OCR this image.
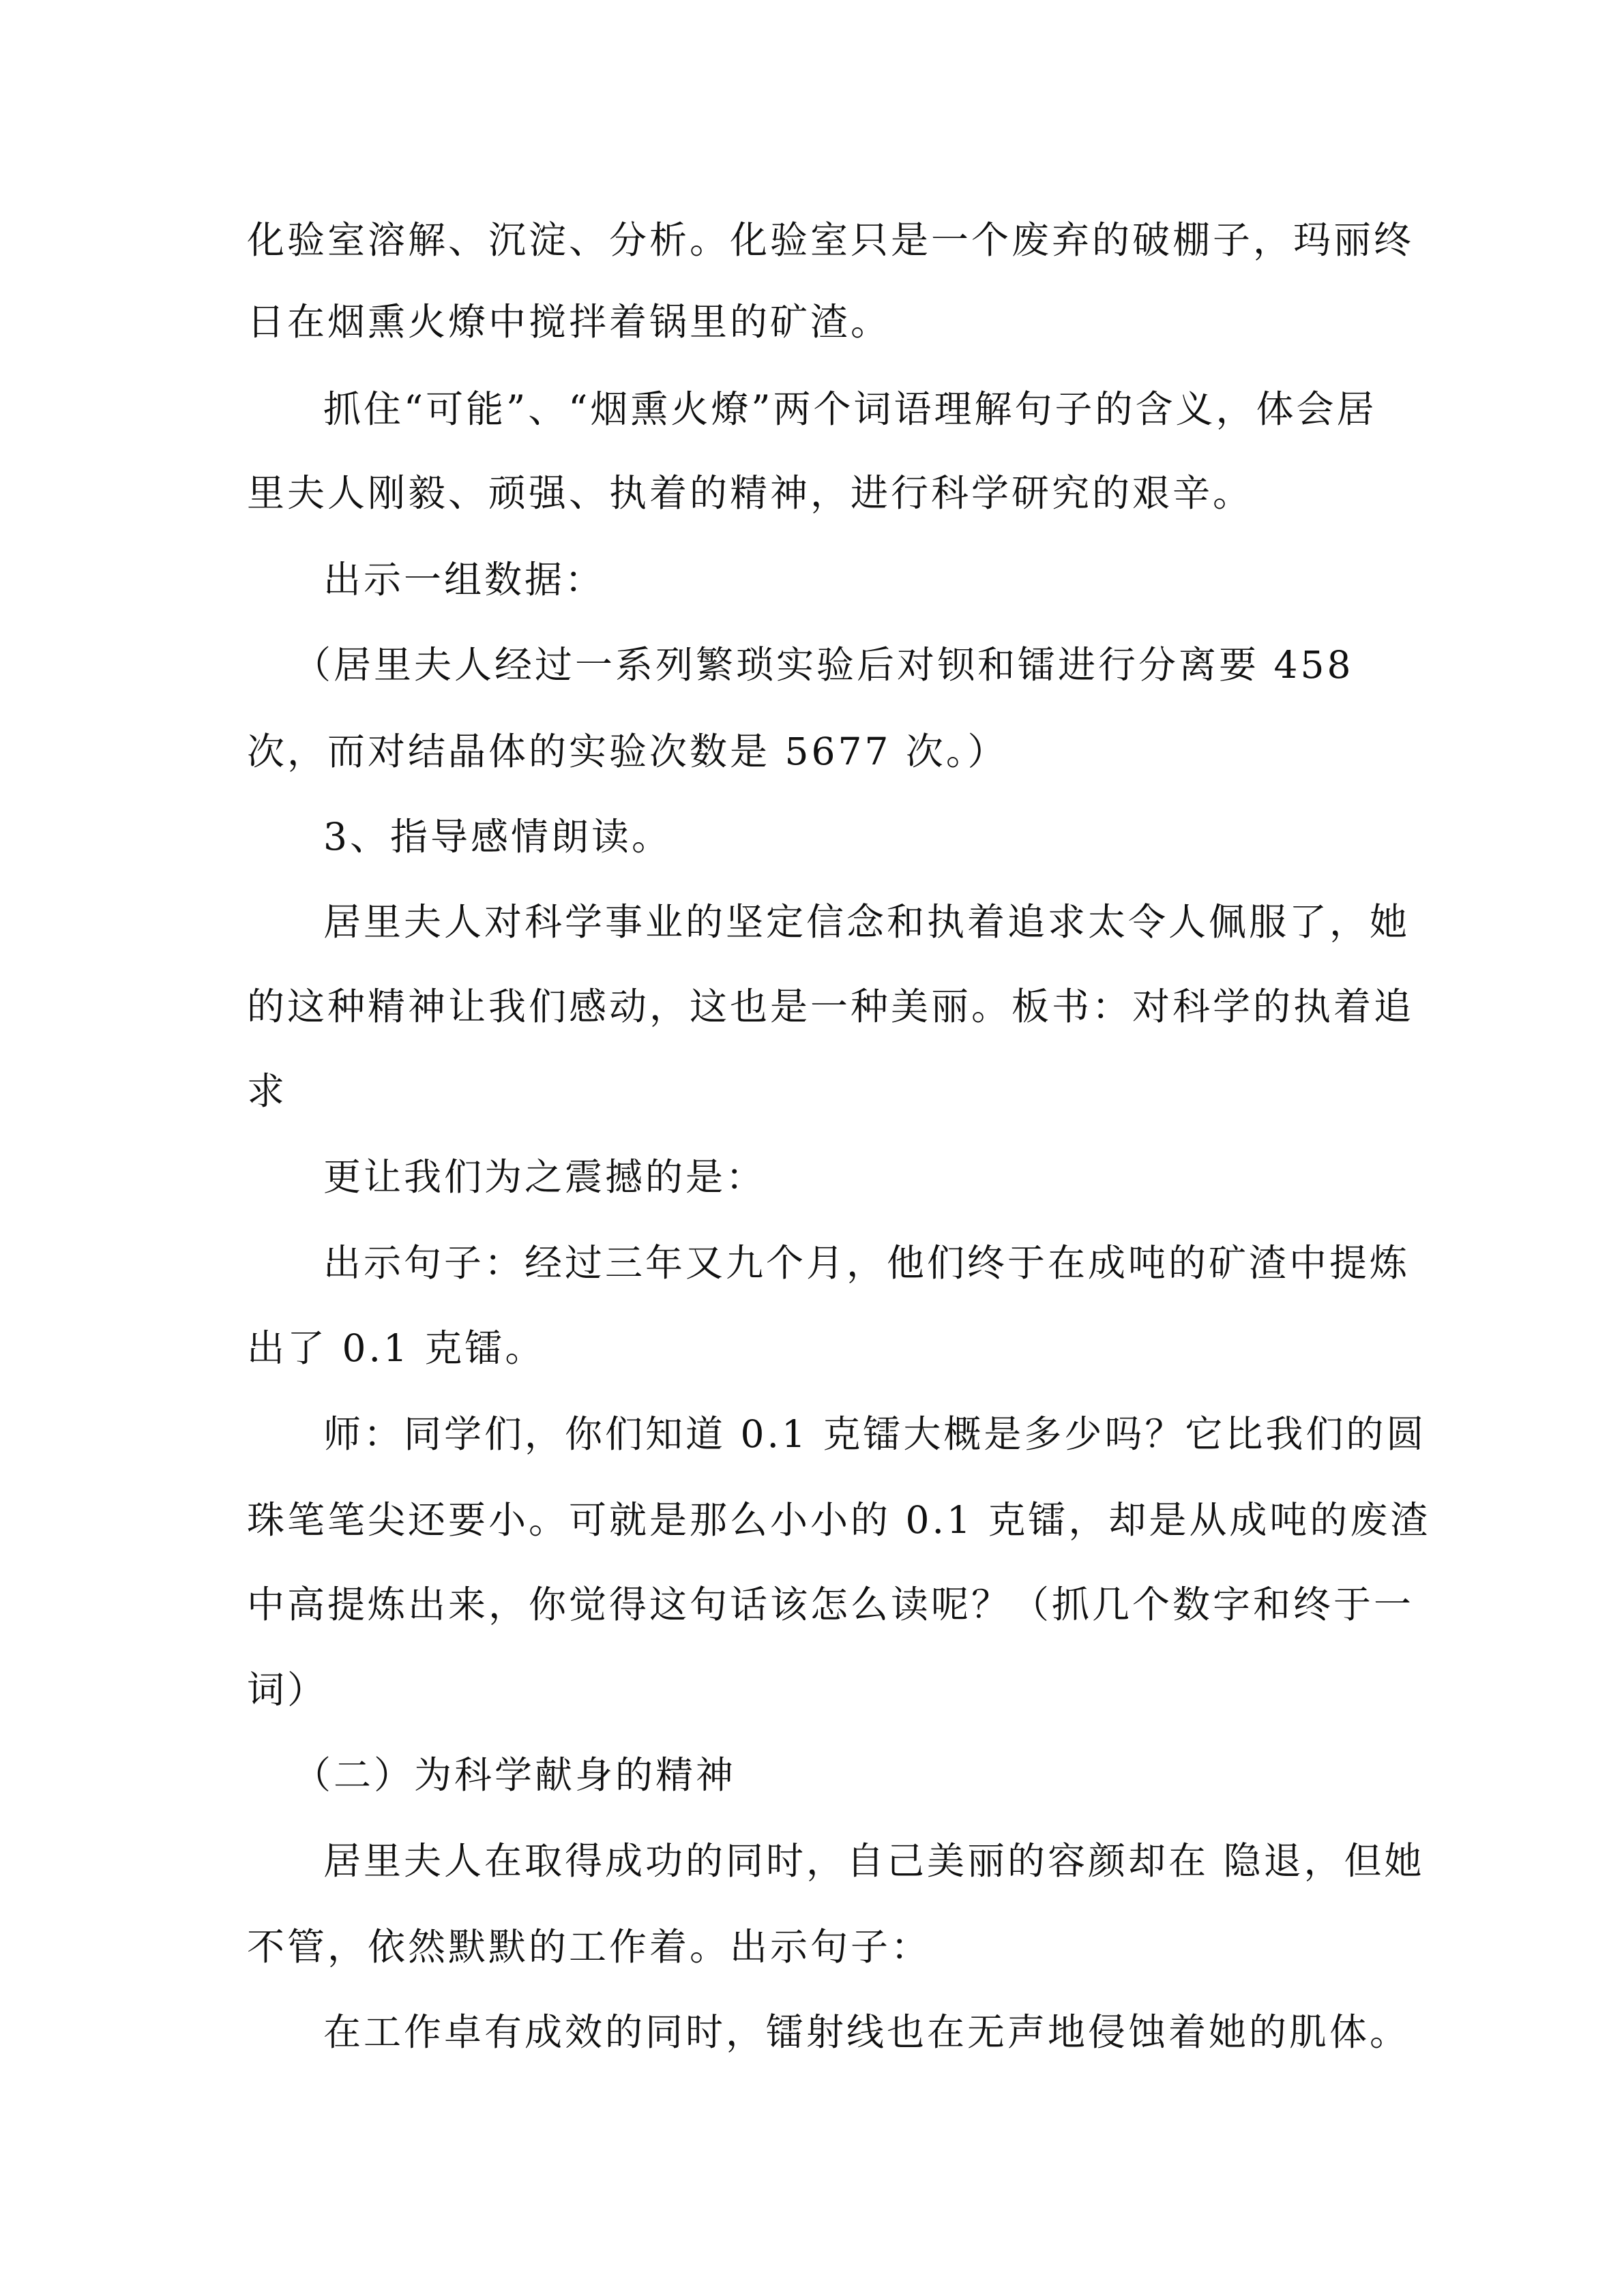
化验室溶解、沉淀、分析。化验室只是一个废弃的破棚子，玛丽终
日在烟熏火燎中搅拌着锅里的矿渣。
抓住“可能”、“烟熏火燎”两个词语理解句子的含义，体会居
里夫人刚毅、顽强、执着的精神，进行科学研究的艰辛。
出示一组数据：
（居里夫人经过一系列繁琐实验后对钡和镭进行分离要 458
次，而对结晶体的实验次数是 5677 次。）
3、指导感情朗读。
居里夫人对科学事业的坚定信念和执着追求太令人佩服了，她
的这种精神让我们感动，这也是一种美丽。板书：对科学的执着追
求
更让我们为之震撼的是：
出示句子：经过三年又九个月，他们终于在成吨的矿渣中提炼
出了 0.1 克镭。
师：同学们，你们知道 0.1 克镭大概是多少吗？它比我们的圆
珠笔笔尖还要小。可就是那么小小的 0.1 克镭，却是从成吨的废渣
中高提炼出来，你觉得这句话该怎么读呢？（抓几个数字和终于一
词）
（二）为科学献身的精神
居里夫人在取得成功的同时，自己美丽的容颜却在 隐退，但她
不管，依然默默的工作着。出示句子：
在工作卓有成效的同时，镭射线也在无声地侵蚀着她的肌体。
